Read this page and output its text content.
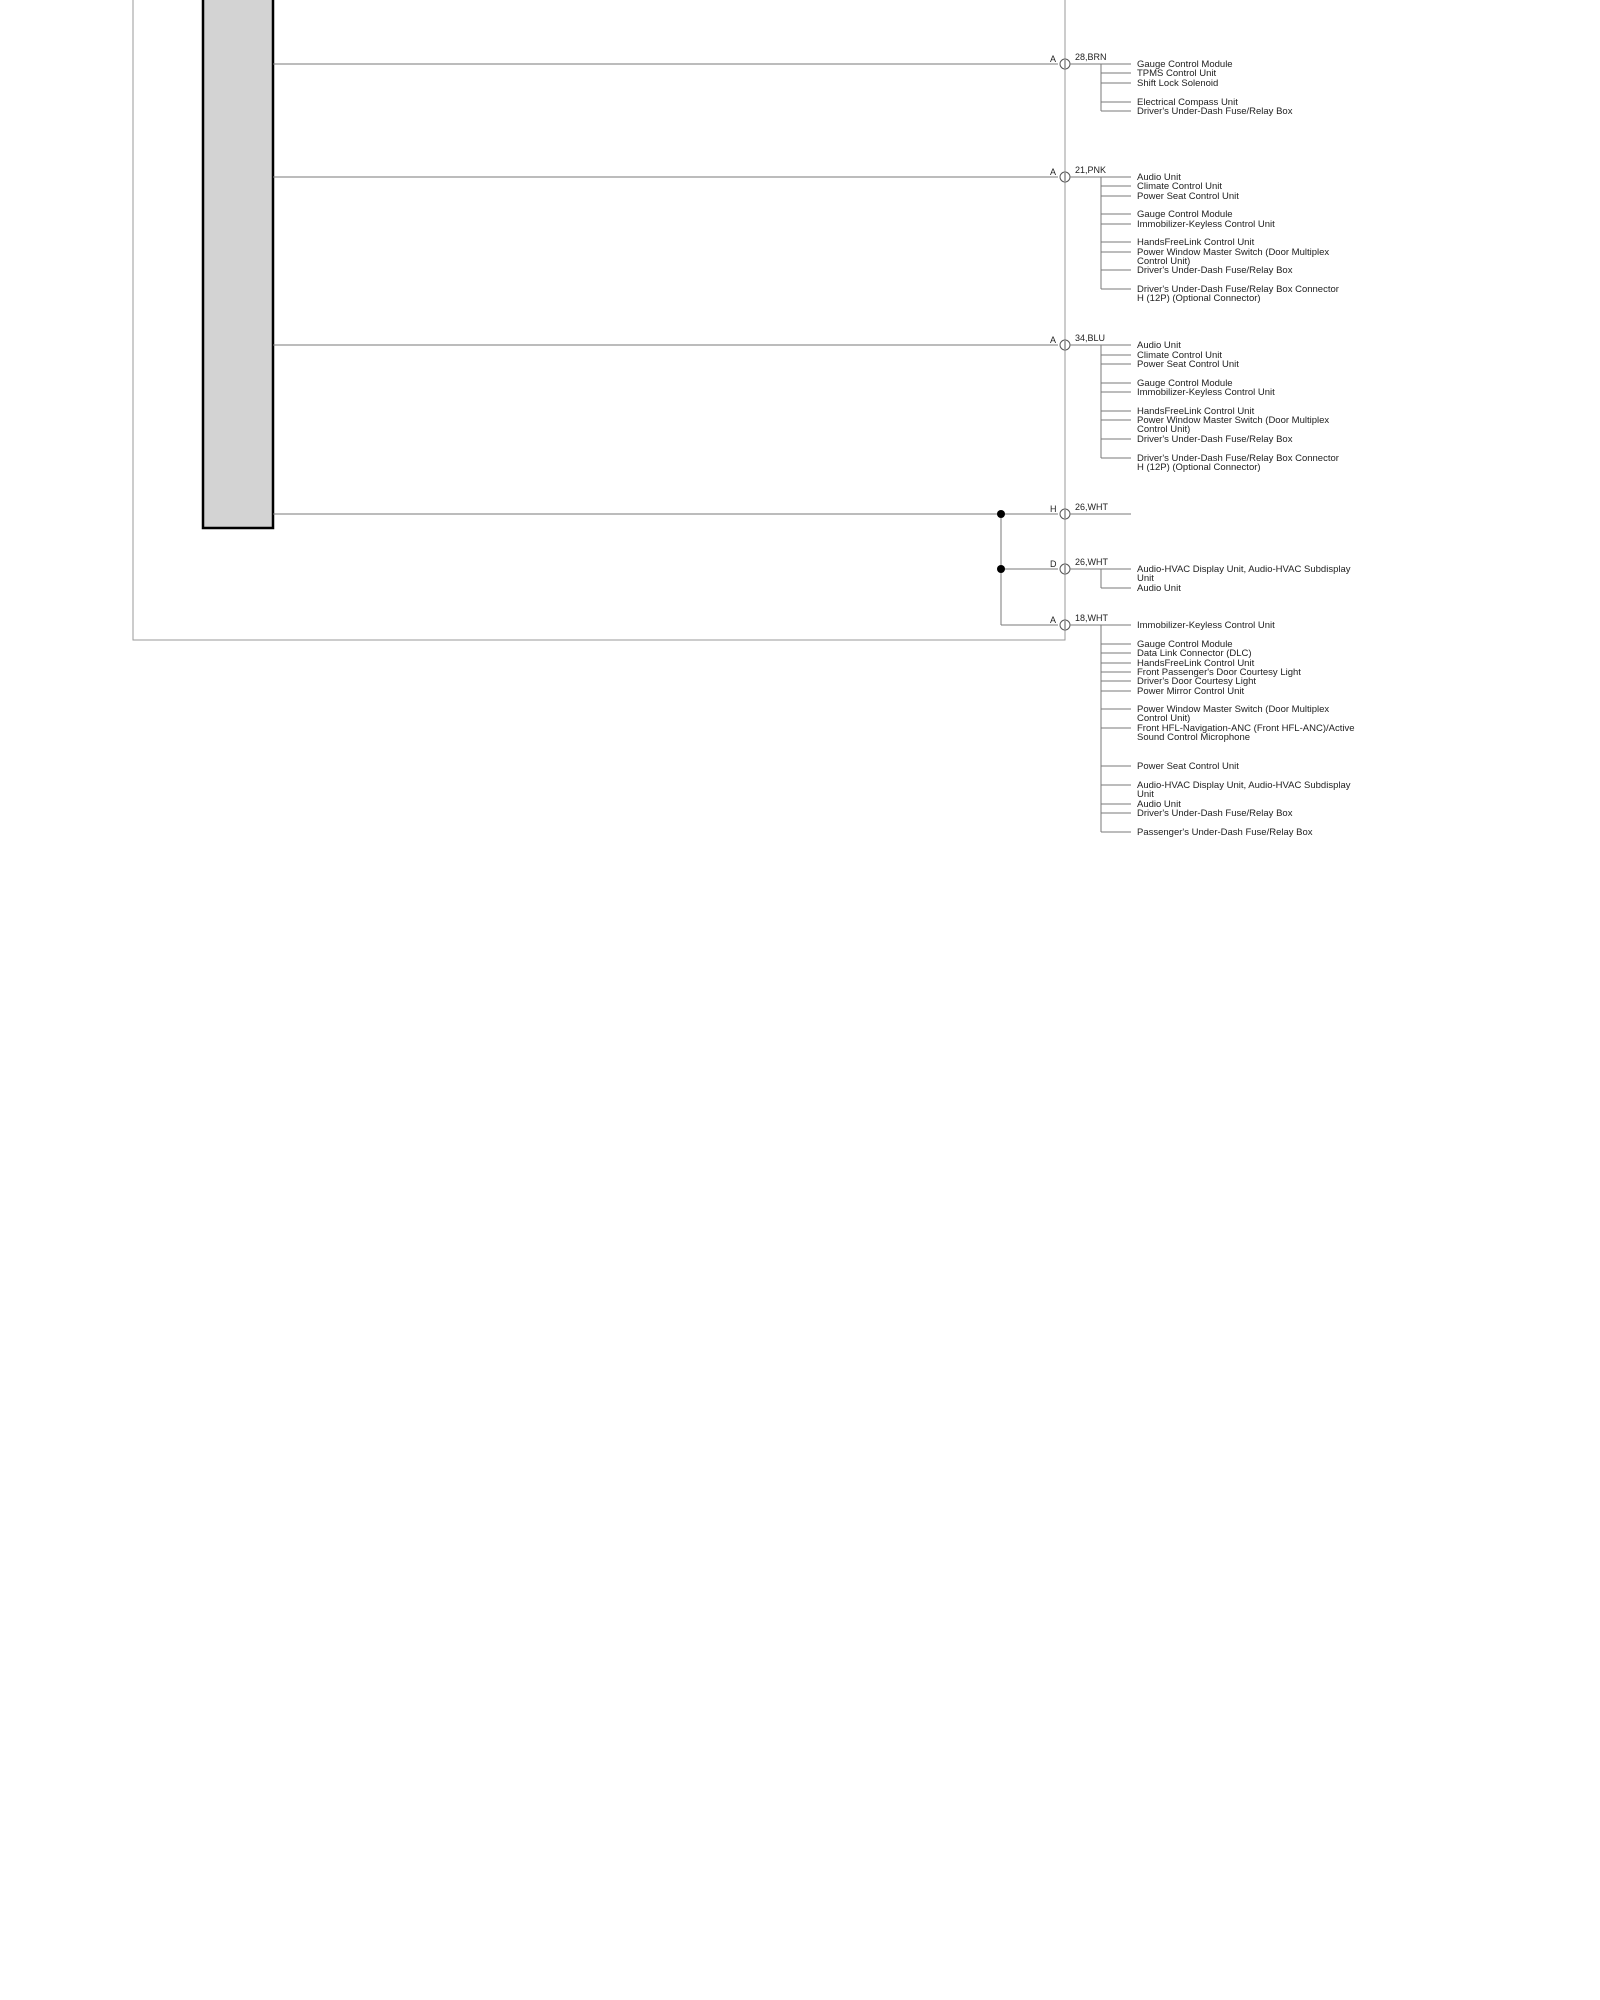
A 28,BRN
Gauge Control Module
TPMS Control Unit
Shift Lock Solenoid
Electrical Compass Unit
Driver's Under-Dash Fuse/Relay Box
A 21,PNK
Audio Unit
Climate Control Unit
Power Seat Control Unit
Gauge Control Module
Immobilizer-Keyless Control Unit
HandsFreeLink Control Unit
Power Window Master Switch (Door Multiplex
Control Unit)
Driver's Under-Dash Fuse/Relay Box
Driver's Under-Dash Fuse/Relay Box Connector
H (12P) (Optional Connector)
A 34,BLU
Audio Unit
Climate Control Unit
Power Seat Control Unit
Gauge Control Module
Immobilizer-Keyless Control Unit
HandsFreeLink Control Unit
Power Window Master Switch (Door Multiplex
Control Unit)
Driver's Under-Dash Fuse/Relay Box
Driver's Under-Dash Fuse/Relay Box Connector
H (12P) (Optional Connector)
H 26,WHT
D 26,WHT
Audio-HVAC Display Unit, Audio-HVAC Subdisplay
Unit
Audio Unit
A 18,WHT
Immobilizer-Keyless Control Unit
Gauge Control Module
Data Link Connector (DLC)
HandsFreeLink Control Unit
Front Passenger's Door Courtesy Light
Driver's Door Courtesy Light
Power Mirror Control Unit
Power Window Master Switch (Door Multiplex
Control Unit)
Front HFL-Navigation-ANC (Front HFL-ANC)/Active
Sound Control Microphone
Power Seat Control Unit
Audio-HVAC Display Unit, Audio-HVAC Subdisplay
Unit
Audio Unit
Driver's Under-Dash Fuse/Relay Box
Passenger's Under-Dash Fuse/Relay Box
